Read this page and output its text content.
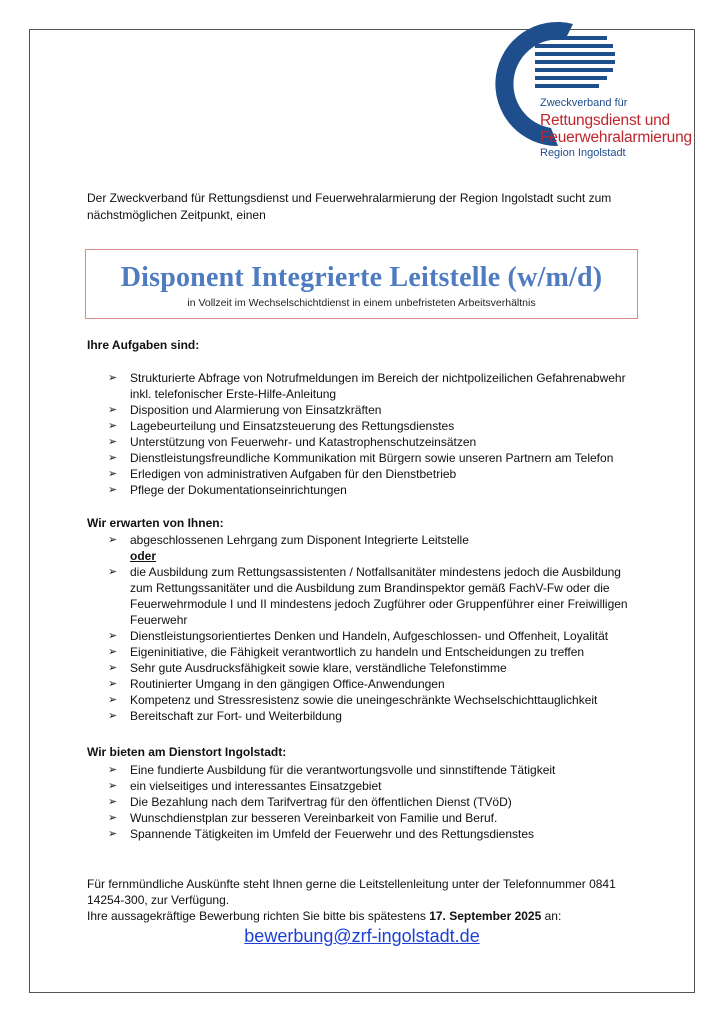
Zweckverband für
Rettungsdienst und
Feuerwehralarmierung
Region Ingolstadt
Der Zweckverband für Rettungsdienst und Feuerwehralarmierung der Region Ingolstadt sucht zum nächstmöglichen Zeitpunkt, einen
Disponent Integrierte Leitstelle (w/m/d)
in Vollzeit im Wechselschichtdienst in einem unbefristeten Arbeitsverhältnis
Ihre Aufgaben sind:
➢ Strukturierte Abfrage von Notrufmeldungen im Bereich der nichtpolizeilichen Gefahrenabwehr inkl. telefonischer Erste-Hilfe-Anleitung
➢ Disposition und Alarmierung von Einsatzkräften
➢ Lagebeurteilung und Einsatzsteuerung des Rettungsdienstes
➢ Unterstützung von Feuerwehr- und Katastrophenschutzeinsätzen
➢ Dienstleistungsfreundliche Kommunikation mit Bürgern sowie unseren Partnern am Telefon
➢ Erledigen von administrativen Aufgaben für den Dienstbetrieb
➢ Pflege der Dokumentationseinrichtungen
Wir erwarten von Ihnen:
➢ abgeschlossenen Lehrgang zum Disponent Integrierte Leitstelle
oder
➢ die Ausbildung zum Rettungsassistenten / Notfallsanitäter mindestens jedoch die Ausbildung zum Rettungssanitäter und die Ausbildung zum Brandinspektor gemäß FachV-Fw oder die Feuerwehrmodule I und II mindestens jedoch Zugführer oder Gruppenführer einer Freiwilligen Feuerwehr
➢ Dienstleistungsorientiertes Denken und Handeln, Aufgeschlossen- und Offenheit, Loyalität
➢ Eigeninitiative, die Fähigkeit verantwortlich zu handeln und Entscheidungen zu treffen
➢ Sehr gute Ausdrucksfähigkeit sowie klare, verständliche Telefonstimme
➢ Routinierter Umgang in den gängigen Office-Anwendungen
➢ Kompetenz und Stressresistenz sowie die uneingeschränkte Wechselschichttauglichkeit
➢ Bereitschaft zur Fort- und Weiterbildung
Wir bieten am Dienstort Ingolstadt:
➢ Eine fundierte Ausbildung für die verantwortungsvolle und sinnstiftende Tätigkeit
➢ ein vielseitiges und interessantes Einsatzgebiet
➢ Die Bezahlung nach dem Tarifvertrag für den öffentlichen Dienst (TVöD)
➢ Wunschdienstplan zur besseren Vereinbarkeit von Familie und Beruf.
➢ Spannende Tätigkeiten im Umfeld der Feuerwehr und des Rettungsdienstes
Für fernmündliche Auskünfte steht Ihnen gerne die Leitstellenleitung unter der Telefonnummer 0841 14254-300, zur Verfügung.
Ihre aussagekräftige Bewerbung richten Sie bitte bis spätestens 17. September 2025 an:
bewerbung@zrf-ingolstadt.de
